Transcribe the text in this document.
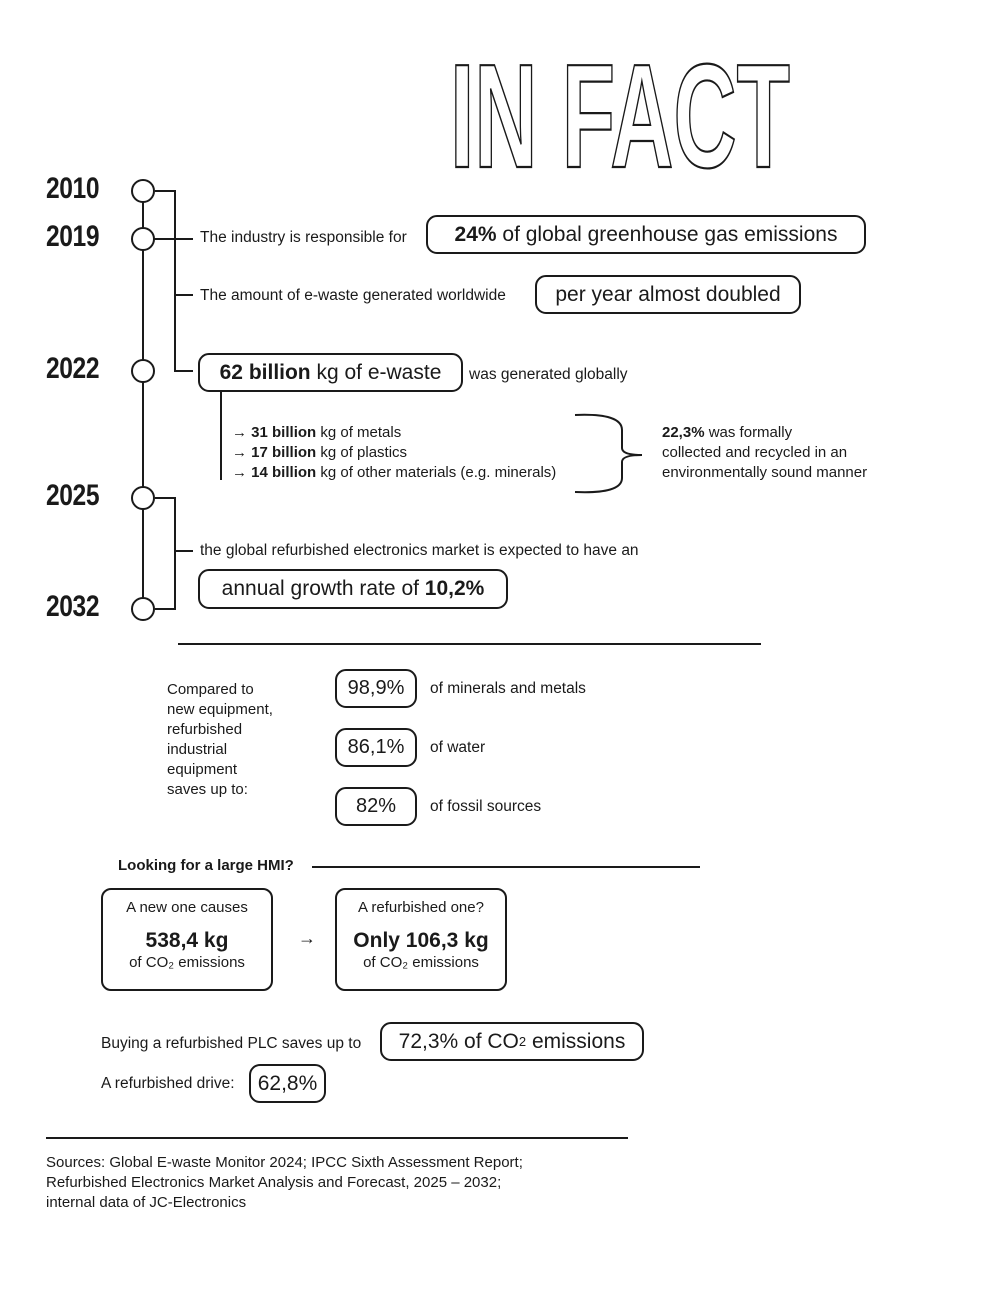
IN FACT
2010
2019
2022
2025
2032
The industry is responsible for 24% of global greenhouse gas emissions
The amount of e-waste generated worldwide	per year almost doubled
62 billion kg of e-waste was generated globally
→ 31 billion kg of metals
→ 17 billion kg of plastics
→ 14 billion kg of other materials (e.g. minerals)
22,3% was formally
collected and recycled in an
environmentally sound manner
the global refurbished electronics market is expected to have an
annual growth rate of 10,2%
Compared to
new equipment,
refurbished
industrial
equipment
saves up to:
98,9%	of minerals and metals
86,1%	of water
82%	of fossil sources
Looking for a large HMI?
A new one causes
538,4 kg
of CO₂ emissions
→
A refurbished one?
Only 106,3 kg
of CO₂ emissions
Buying a refurbished PLC saves up to 72,3% of CO 2 emissions
A refurbished drive:	62,8%
Sources: Global E-waste Monitor 2024; IPCC Sixth Assessment Report;
Refurbished Electronics Market Analysis and Forecast, 2025 – 2032;
internal data of JC-Electronics
